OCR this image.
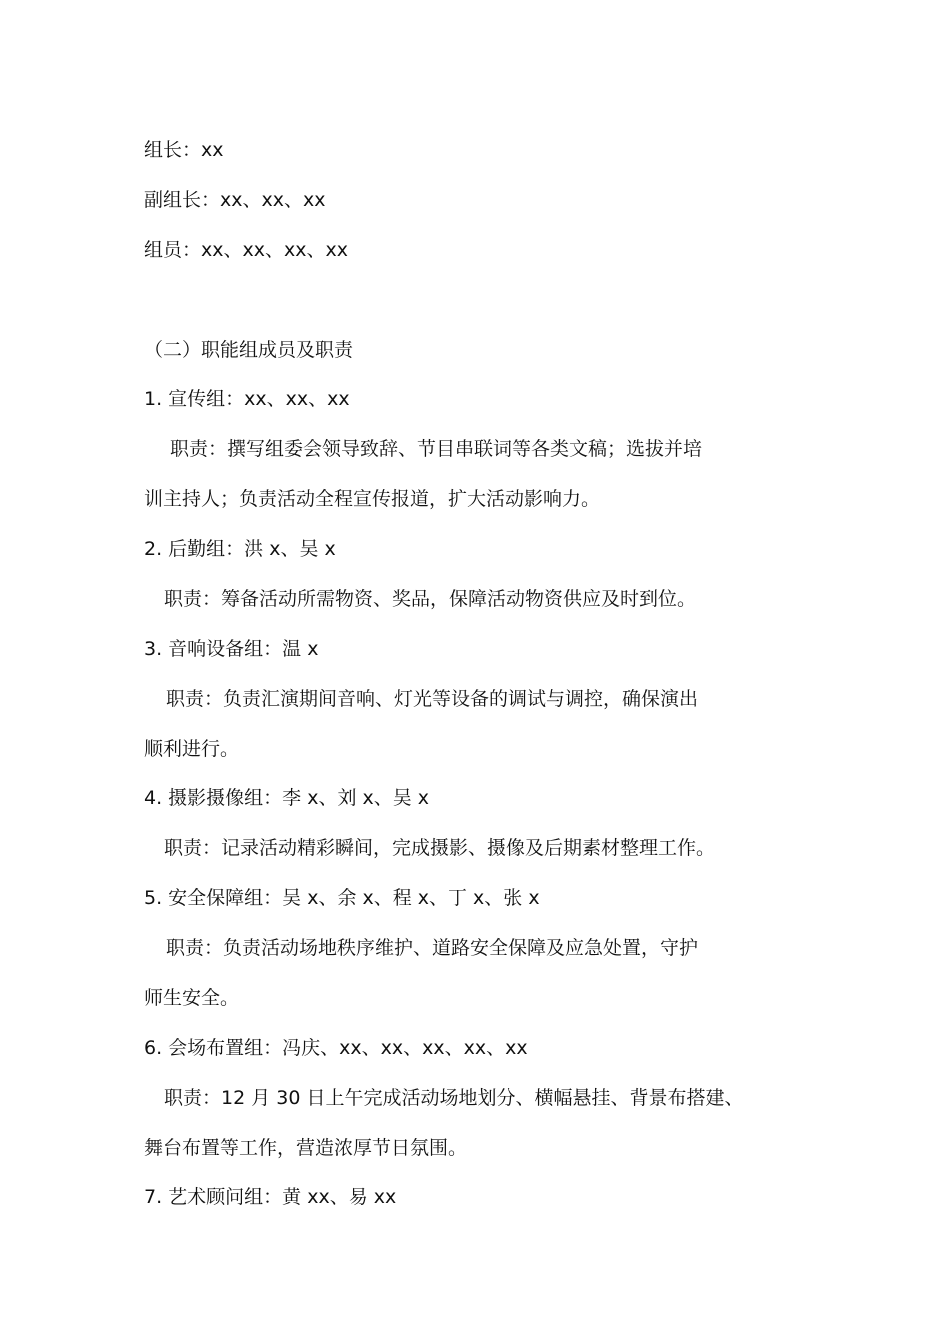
组长：xx

副组长：xx、xx、xx

组员：xx、xx、xx、xx

（二）职能组成员及职责

1. 宣传组：xx、xx、xx

职责：撰写组委会领导致辞、节目串联词等各类文稿；选拔并培

训主持人；负责活动全程宣传报道，扩大活动影响力。

2. 后勤组：洪 x、吴 x

职责：筹备活动所需物资、奖品，保障活动物资供应及时到位。

3. 音响设备组：温 x

职责：负责汇演期间音响、灯光等设备的调试与调控，确保演出

顺利进行。

4. 摄影摄像组：李 x、刘 x、吴 x

职责：记录活动精彩瞬间，完成摄影、摄像及后期素材整理工作。

5. 安全保障组：吴 x、余 x、程 x、丁 x、张 x

职责：负责活动场地秩序维护、道路安全保障及应急处置，守护

师生安全。

6. 会场布置组：冯庆、xx、xx、xx、xx、xx

职责：12 月 30 日上午完成活动场地划分、横幅悬挂、背景布搭建、

舞台布置等工作，营造浓厚节日氛围。

7. 艺术顾问组：黄 xx、易 xx
